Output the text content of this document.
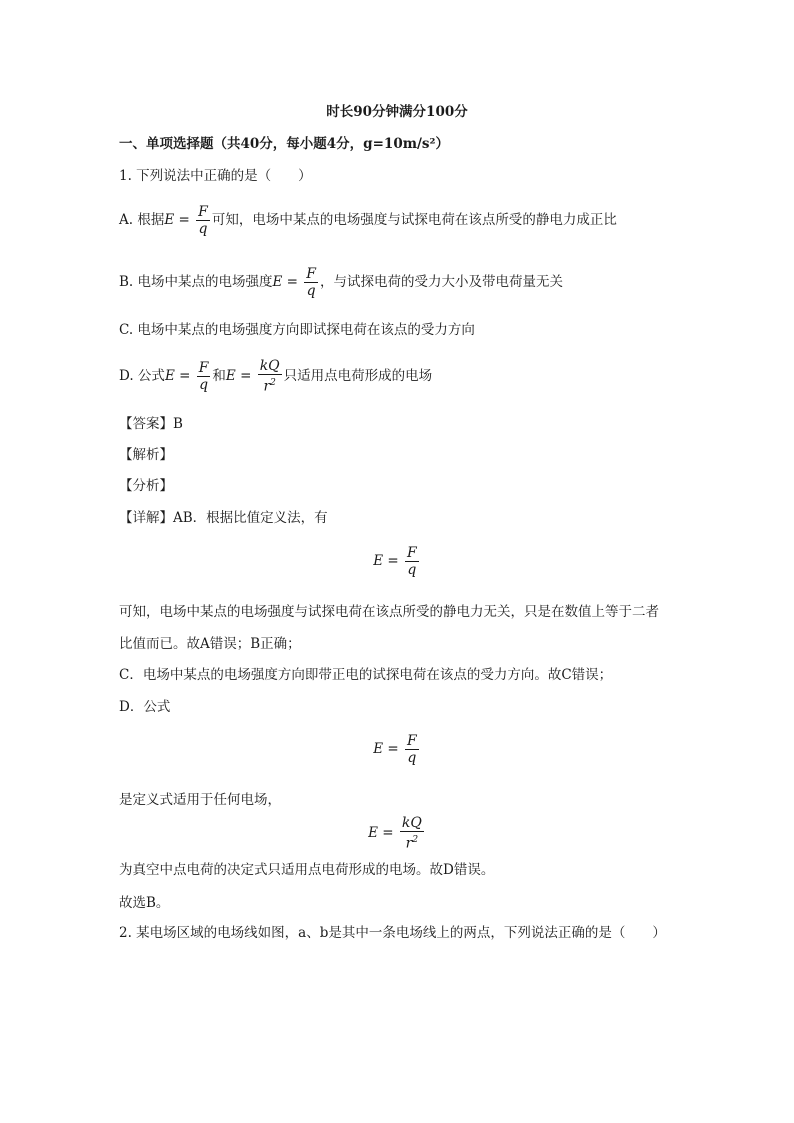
时长90分钟满分100分
一、单项选择题（共40分，每小题4分，g=10m/s²）
1. 下列说法中正确的是（　　）
A. 根据$E = \frac{F}{q}$ 可知，电场中某点的电场强度与试探电荷在该点所受的静电力成正比
B. 电场中某点的电场强度$E = \frac{F}{q}$ ，与试探电荷的受力大小及带电荷量无关
C. 电场中某点的电场强度方向即试探电荷在该点的受力方向
D. 公式$E = \frac{F}{q}$ 和$E = \frac{kQ}{r^2}$ 只适用点电荷形成的电场
【答案】B
【解析】
【分析】
【详解】AB．根据比值定义法，有
$E = \frac{F}{q}$
可知，电场中某点的电场强度与试探电荷在该点所受的静电力无关，只是在数值上等于二者
比值而已。故A错误；B正确；
C．电场中某点的电场强度方向即带正电的试探电荷在该点的受力方向。故C错误；
D．公式
$E = \frac{F}{q}$
是定义式适用于任何电场，
$E = \frac{kQ}{r^2}$
为真空中点电荷的决定式只适用点电荷形成的电场。故D错误。
故选B。
2. 某电场区域的电场线如图，a、b是其中一条电场线上的两点，下列说法正确的是（　　）
